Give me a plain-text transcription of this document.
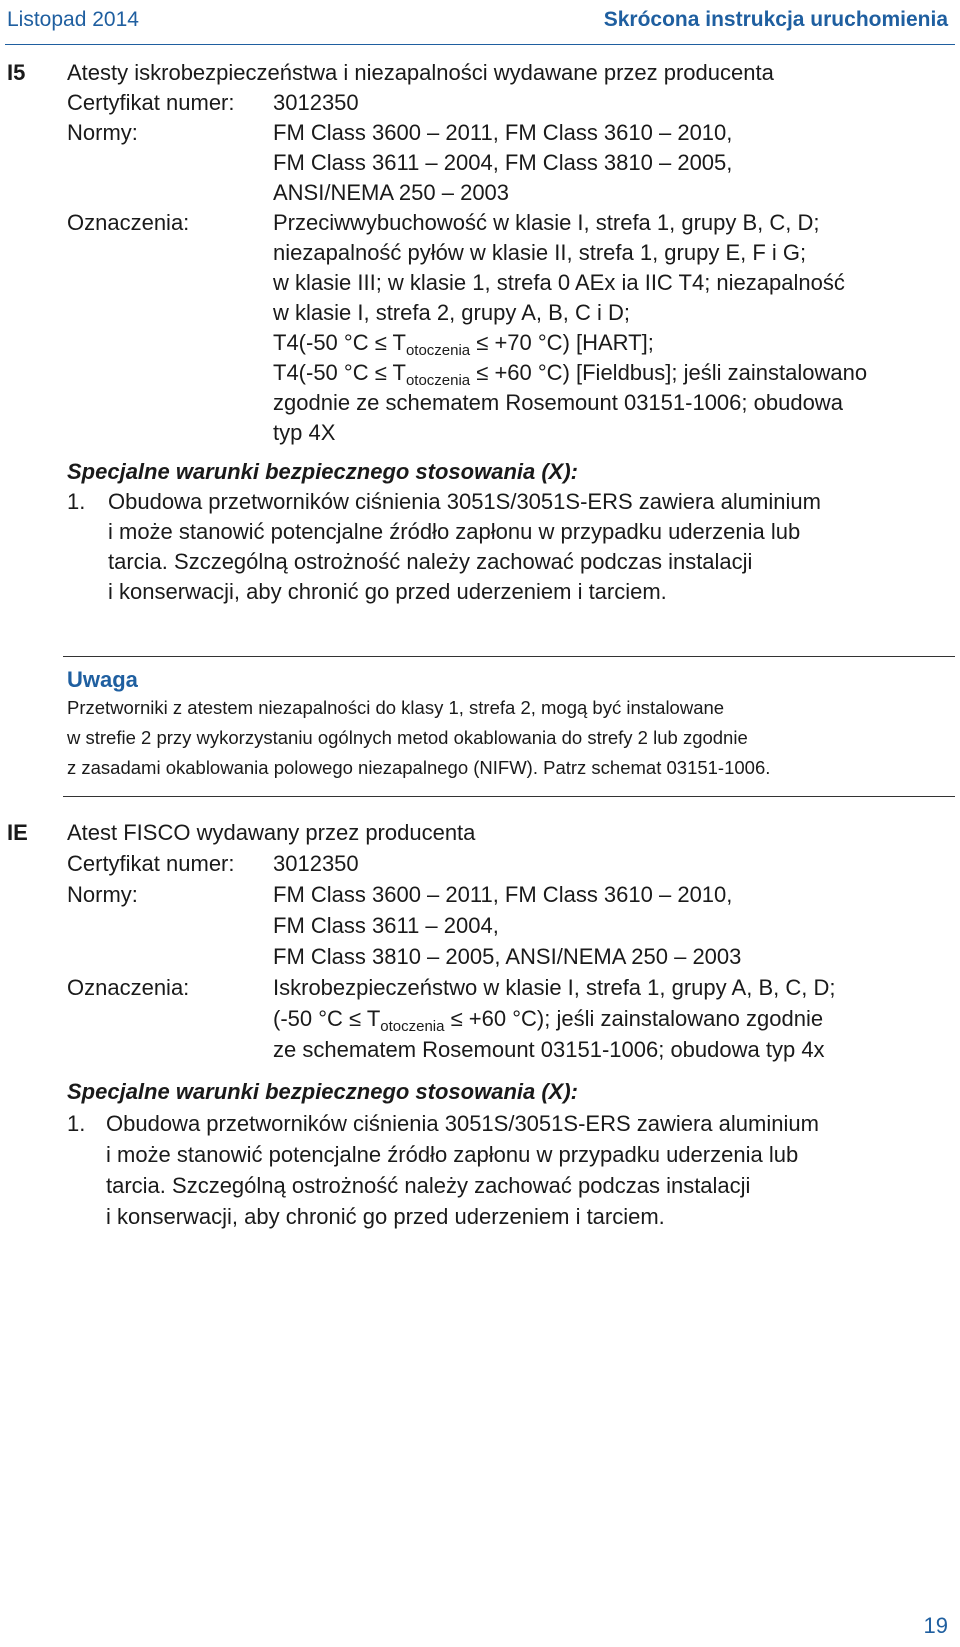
Listopad 2014	Skrócona instrukcja uruchomienia
I5 Atesty iskrobezpieczeństwa i niezapalności wydawane przez producenta
Certyfikat numer: 3012350
Normy:	FM Class 3600 – 2011, FM Class 3610 – 2010,
FM Class 3611 – 2004, FM Class 3810 – 2005,
ANSI/NEMA 250 – 2003
Oznaczenia:	Przeciwwybuchowość w klasie I, strefa 1, grupy B, C, D;
niezapalność pyłów w klasie II, strefa 1, grupy E, F i G;
w klasie III; w klasie 1, strefa 0 AEx ia IIC T4; niezapalność
w klasie I, strefa 2, grupy A, B, C i D;
T4(-50 $^\circ C \le T_{otoczenia} \le +70$ °C) [HART];
T4(-50 $^\circ C \le T_{otoczenia} \le +60$ °C) [Fieldbus]; jeśli zainstalowano
zgodnie ze schematem Rosemount 03151-1006; obudowa
typ 4X
Specjalne warunki bezpiecznego stosowania (X):
1. Obudowa przetworników ciśnienia 3051S/3051S-ERS zawiera aluminium
i może stanowić potencjalne źródło zapłonu w przypadku uderzenia lub
tarcia. Szczególną ostrożność należy zachować podczas instalacji
i konserwacji, aby chronić go przed uderzeniem i tarciem.
Uwaga
Przetworniki z atestem niezapalności do klasy 1, strefa 2, mogą być instalowane
w strefie 2 przy wykorzystaniu ogólnych metod okablowania do strefy 2 lub zgodnie
z zasadami okablowania polowego niezapalnego (NIFW). Patrz schemat 03151-1006.
IE Atest FISCO wydawany przez producenta
Certyfikat numer: 3012350
Normy:	FM Class 3600 – 2011, FM Class 3610 – 2010,
FM Class 3611 – 2004,
FM Class 3810 – 2005, ANSI/NEMA 250 – 2003
Oznaczenia:	Iskrobezpieczeństwo w klasie I, strefa 1, grupy A, B, C, D;
(-50 $^\circ C \le T_{otoczenia} \le +60$ °C); jeśli zainstalowano zgodnie
ze schematem Rosemount 03151-1006; obudowa typ 4x
Specjalne warunki bezpiecznego stosowania (X):
1. Obudowa przetworników ciśnienia 3051S/3051S-ERS zawiera aluminium
i może stanowić potencjalne źródło zapłonu w przypadku uderzenia lub
tarcia. Szczególną ostrożność należy zachować podczas instalacji
i konserwacji, aby chronić go przed uderzeniem i tarciem.
19
